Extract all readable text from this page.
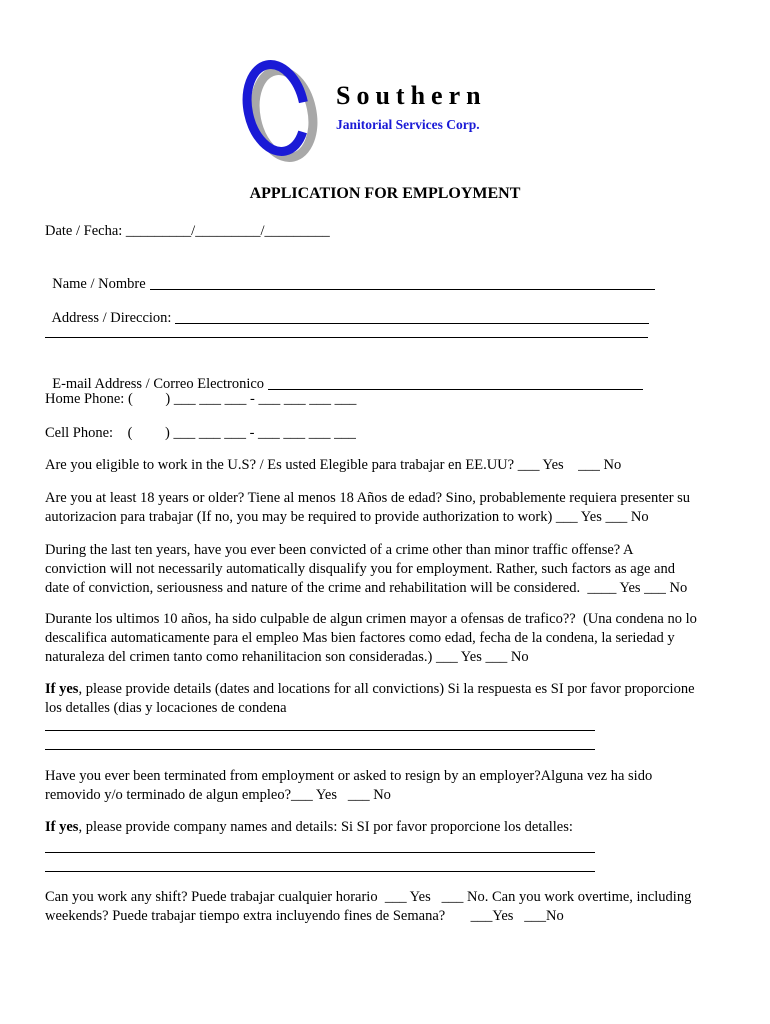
Southern
Janitorial Services Corp.
APPLICATION FOR EMPLOYMENT
Date / Fecha: _________/_________/_________

Name / Nombre

Address / Direccion:

E-mail Address / Correo Electronico

Home Phone: (         ) ___ ___ ___ - ___ ___ ___ ___
Cell Phone:    (         ) ___ ___ ___ - ___ ___ ___ ___
Are you eligible to work in the U.S? / Es usted Elegible para trabajar en EE.UU? ___ Yes    ___ No

Are you at least 18 years or older? Tiene al menos 18 Años de edad? Sino, probablemente requiera presenter su

autorizacion para trabajar (If no, you may be required to provide authorization to work) ___ Yes ___ No

During the last ten years, have you ever been convicted of a crime other than minor traffic offense? A

conviction will not necessarily automatically disqualify you for employment. Rather, such factors as age and

date of conviction, seriousness and nature of the crime and rehabilitation will be considered.  ____ Yes ___ No

Durante los ultimos 10 años, ha sido culpable de algun crimen mayor a ofensas de trafico??  (Una condena no lo

descalifica automaticamente para el empleo Mas bien factores como edad, fecha de la condena, la seriedad y

naturaleza del crimen tanto como rehanilitacion son consideradas.) ___ Yes ___ No

If yes, please provide details (dates and locations for all convictions) Si la respuesta es SI por favor proporcione

los detalles (dias y locaciones de condena

Have you ever been terminated from employment or asked to resign by an employer?Alguna vez ha sido

removido y/o terminado de algun empleo?___ Yes   ___ No

If yes, please provide company names and details: Si SI por favor proporcione los detalles:

Can you work any shift? Puede trabajar cualquier horario  ___ Yes   ___ No. Can you work overtime, including

weekends? Puede trabajar tiempo extra incluyendo fines de Semana?       ___Yes   ___No
